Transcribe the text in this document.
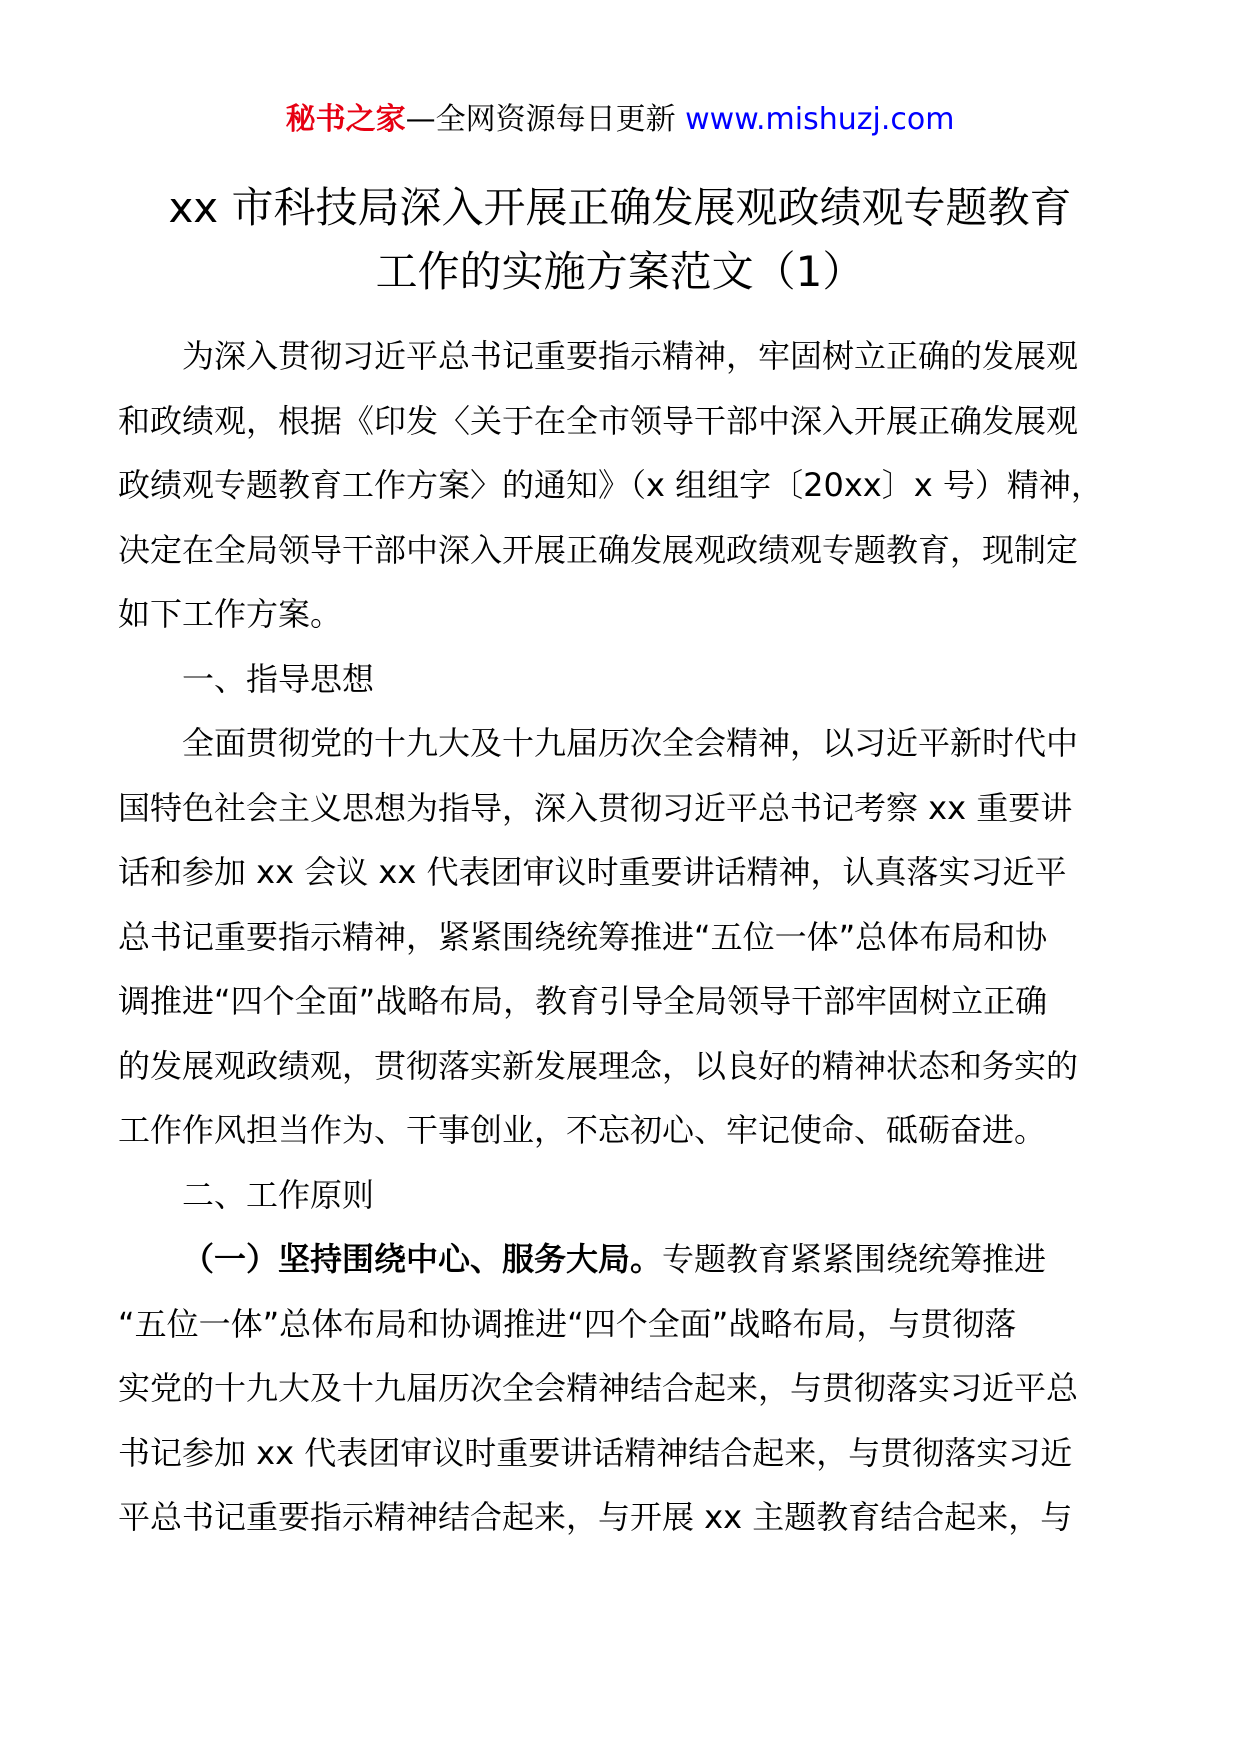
秘书之家—全网资源每日更新 www.mishuzj.com
xx 市科技局深入开展正确发展观政绩观专题教育
工作的实施方案范文（1）
为深入贯彻习近平总书记重要指示精神，牢固树立正确的发展观
和政绩观，根据《印发〈关于在全市领导干部中深入开展正确发展观
政绩观专题教育工作方案〉的通知》（x 组组字〔20xx〕x 号）精神，
决定在全局领导干部中深入开展正确发展观政绩观专题教育，现制定
如下工作方案。
一、指导思想
全面贯彻党的十九大及十九届历次全会精神，以习近平新时代中
国特色社会主义思想为指导，深入贯彻习近平总书记考察 xx 重要讲
话和参加 xx 会议 xx 代表团审议时重要讲话精神，认真落实习近平
总书记重要指示精神，紧紧围绕统筹推进“五位一体”总体布局和协
调推进“四个全面”战略布局，教育引导全局领导干部牢固树立正确
的发展观政绩观，贯彻落实新发展理念，以良好的精神状态和务实的
工作作风担当作为、干事创业，不忘初心、牢记使命、砥砺奋进。
二、工作原则
（一）坚持围绕中心、服务大局。专题教育紧紧围绕统筹推进
“五位一体”总体布局和协调推进“四个全面”战略布局，与贯彻落
实党的十九大及十九届历次全会精神结合起来，与贯彻落实习近平总
书记参加 xx 代表团审议时重要讲话精神结合起来，与贯彻落实习近
平总书记重要指示精神结合起来，与开展 xx 主题教育结合起来，与
